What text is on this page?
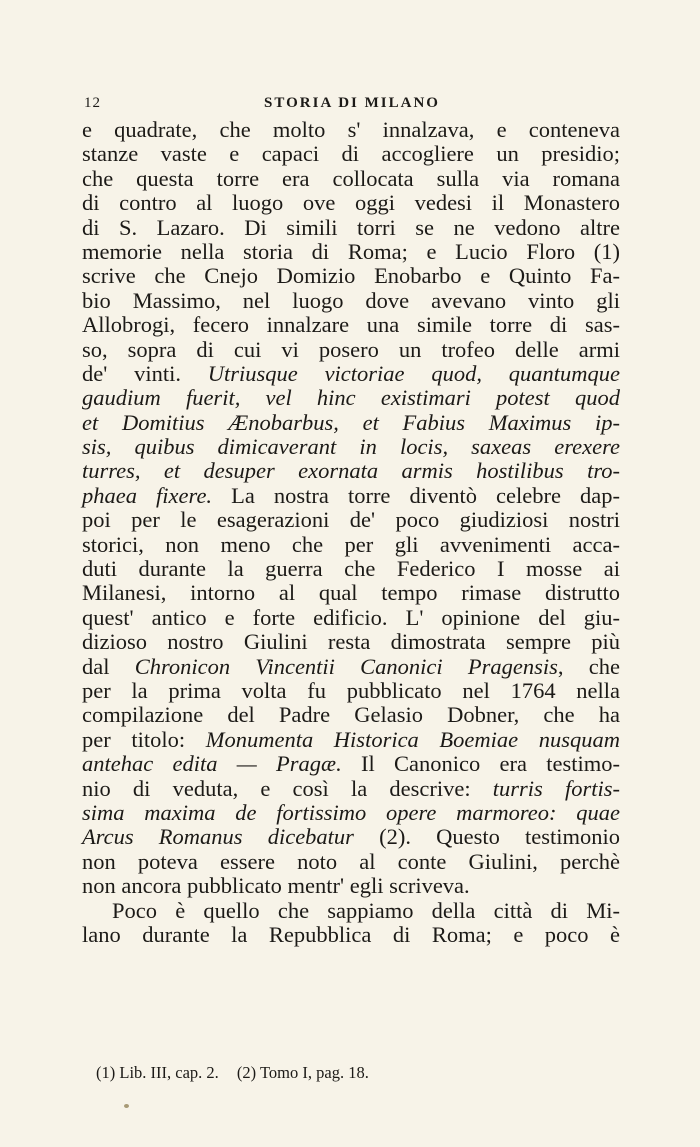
12	STORIA DI MILANO
e quadrate, che molto s' innalzava, e conteneva
stanze vaste e capaci di accogliere un presidio;
che questa torre era collocata sulla via romana
di contro al luogo ove oggi vedesi il Monastero
di S. Lazaro. Di simili torri se ne vedono altre
memorie nella storia di Roma; e Lucio Floro (1)
scrive che Cnejo Domizio Enobarbo e Quinto Fa-
bio Massimo, nel luogo dove avevano vinto gli
Allobrogi, fecero innalzare una simile torre di sas-
so, sopra di cui vi posero un trofeo delle armi
de' vinti. Utriusque victoriae quod, quantumque
gaudium fuerit, vel hinc existimari potest quod
et Domitius Ænobarbus, et Fabius Maximus ip-
sis, quibus dimicaverant in locis, saxeas erexere
turres, et desuper exornata armis hostilibus tro-
phaea fixere. La nostra torre diventò celebre dap-
poi per le esagerazioni de' poco giudiziosi nostri
storici, non meno che per gli avvenimenti acca-
duti durante la guerra che Federico I mosse ai
Milanesi, intorno al qual tempo rimase distrutto
quest' antico e forte edificio. L' opinione del giu-
dizioso nostro Giulini resta dimostrata sempre più
dal Chronicon Vincentii Canonici Pragensis, che
per la prima volta fu pubblicato nel 1764 nella
compilazione del Padre Gelasio Dobner, che ha
per titolo: Monumenta Historica Boemiae nusquam
antehac edita — Pragæ. Il Canonico era testimo-
nio di veduta, e così la descrive: turris fortis-
sima maxima de fortissimo opere marmoreo: quae
Arcus Romanus dicebatur (2). Questo testimonio
non poteva essere noto al conte Giulini, perchè
non ancora pubblicato mentr' egli scriveva.
Poco è quello che sappiamo della città di Mi-
lano durante la Repubblica di Roma; e poco è
(1) Lib. III, cap. 2. (2) Tomo I, pag. 18.
